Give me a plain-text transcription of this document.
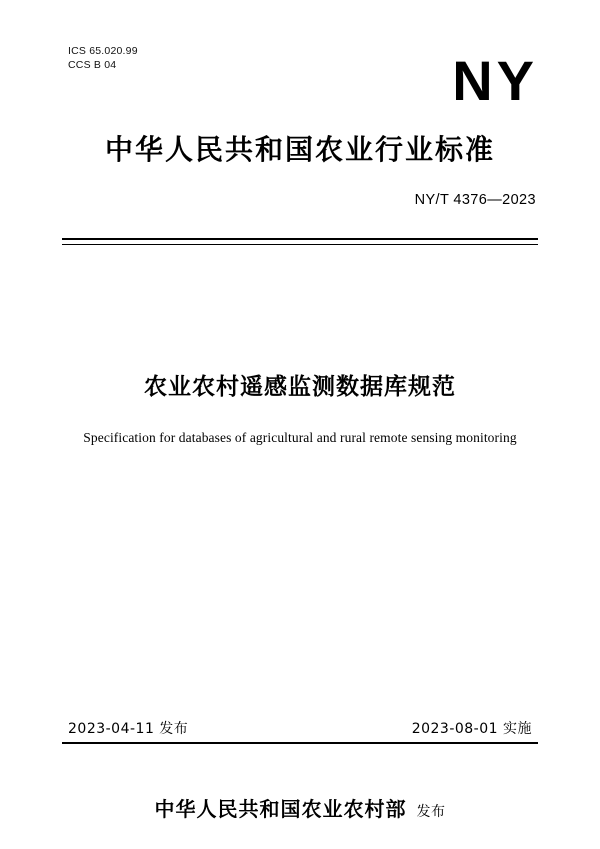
ICS 65.020.99
CCS B 04	NY
中华人民共和国农业行业标准
NY/T 4376—2023
农业农村遥感监测数据库规范
Specification for databases of agricultural and rural remote sensing monitoring
2023-04-11 发布	2023-08-01 实施
中华人民共和国农业农村部 发布
